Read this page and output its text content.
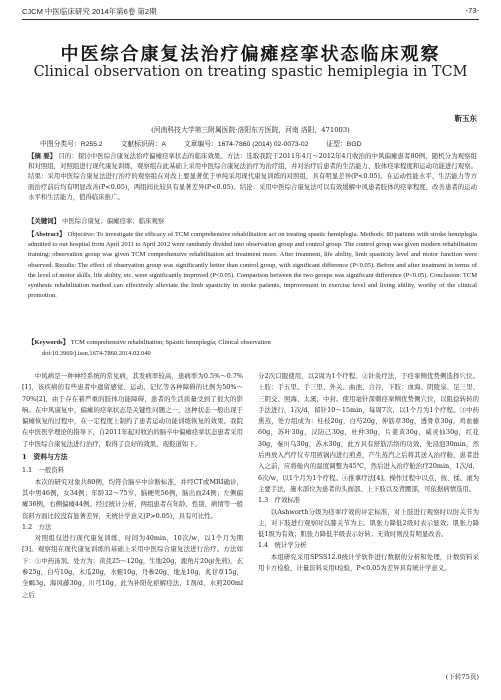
CJCM 中医临床研究 2014年第6卷 第2期	-73-
中医综合康复法治疗偏瘫痉挛状态临床观察
Clinical observation on treating spastic hemiplegia in TCM
靳玉东
(河南科技大学第三附属医院·洛阳东方医院，河南 洛阳，471003)
中图分类号：R255.2	文献标识码：A	文章编号：1674-7860 (2014) 02-0073-02	证型：BGD
【摘 要】 目的：探讨中医综合康复法治疗偏瘫痉挛状态的临床效果。方法：选取我院于2011年4月～2012年4月收治的中风偏瘫患者80例，随机分为观察组和对照组，对照组进行现代康复训练，观察组在此基础上采用中医综合康复法治疗为治疗组，并对治疗后患者的生活能力、肢体痉挛程度和运动功能进行观察。结果：采用中医综合康复法进行治疗的观察组在对改上要显著优于单纯采用现代康复训练的对照组，具有明显差异(P<0.05)。在运动性能水平、生活能力等方面治疗前后均有明显改善(P<0.05)，两组间比较具有显著差异(P<0.05)。结论：采用中医综合康复法可以有效缓解中风患者肢体的痉挛程度，改善患者的运动水平和生活能力，值得临床推广。
【关键词】 中医综合康复；偏瘫痉挛；临床观察
【Abstract】 Objective: To investigate the efficacy of TCM comprehensive rehabilitation act on treating spastic hemiplegia. Methods: 80 patients with stroke hemiplegia admitted to our hospital from April 2011 to April 2012 were randomly divided into observation group and control group. The control group was given modern rehabilitation training; observation group was given TCM comprehensive rehabilitation act treatment more. After treatment, life ability, limb spasticity level and motor function were observed. Results: The effect of observation group was significantly better than control group, with significant difference (P<0.05). Before and after treatment in terms of the level of motor skills, life ability, etc. were significantly improved (P<0.05). Comparison between the two groups was significant difference (P<0.05). Conclusion: TCM synthesis rehabilitation method can effectively alleviate the limb spasticity in stroke patients, improvement in exercise level and living ability, worthy of the clinical promotion.
【Keywords】 TCM comprehensive rehabilitation; Spastic hemiplegia; Clinical observation
doi:10.3969/j.issn.1674-7860.2014.02.040

中风病是一种神经系统的常见病，其发病率较高，患病率为0.5%～0.7%[1]，该疾病的有些患者中遗留感觉、运动、记忆等各种障碍的比例为50%～70%[2]，由于存在着严重的肢体功能障碍，患者的生活质量受到了很大的影响。在中风康复中，偏瘫的痉挛状态是关键性问题之一，这种状态一般出现于偏瘫恢复的过程中，在一定程度上制约了患者运动功能训练恢复的效果。我院在中医医学理论的指导下，自2011年起对收治的脑卒中偏瘫痉挛状态患者采用了中医综合康复法进行治疗，取得了良好的效果。现报道如下。

1　资料与方法
1.1　一般资料

本次的研究对象共80例，均符合脑卒中诊断标准，并经CT或MRI确诊，其中男46例，女34例；年龄32～75岁，脑梗死56例，脑出血24例；左侧偏瘫36例，右侧偏瘫44例。经过统计分析，两组患者在年龄、性别、病情等一般资料方面比较没有显著差异，无统计学意义(P>0.05)，具有可比性。

1.2　方法

对照组仅进行现代康复训练，时间为40min，10次/w，以1个月为期[3]。观察组在现代康复训练的基础上采用中医综合康复法进行治疗。方法如下：①中药汤剂。处方为：黄芪25～120g，生地20g，鹿角片20g(先煎)，玄参25g，白芍10g，木瓜20g，水蛭10g，丹参20g，地龙10g，炙甘草15g，全蝎3g，海风藤30g，川芎10g，此为补阳化瘀解痉法，1剂/d，水煎200ml之后

分2次口服使用，以2周为1个疗程。②针灸疗法，于痉挛侧优势侧选择穴位。上肢：手五里、手三里、外关、曲池、合谷，下肢：血海、阴陵泉、足三里、三阴交、照海、太溪、中封。使用毫针深刺痉挛侧优势侧穴位，以阻捻转转的手法进行，1次/d，留针10～15min，每周7次，以1个月为1个疗程。③中药熏蒸，处方组成为：桂枝20g，白芍20g，伸筋草30g，透骨草30g，鸡血藤60g，苏叶30g，汉防己30g，杜仲30g，片姜黄30g，威灵仙30g，红花30g，秦川乌30g，苏木30g，此方具有舒筋活络的功效，先浸泡30min，然后再放入汽疗仪专用煎锅内进行煎煮，产生蒸汽之后将其送入治疗舱，患者进入之前，应将舱内的温度调整为45℃，然后进入治疗舱治疗20min，1次/d，6次/w，以1个月为1个疗程。④推拿疗法[4]。操作过程中以点、按、揉、滚为主要手法，施术部位为患者的头面部、上下肢以及背腰部，可依据病情选用。

1.3　疗效标准

以Ashworth分级为痉挛疗效的评定标准，对上肢进行观察时以肘关节为主，对下肢进行观察时以膝关节为主。肌张力降低2级时表示显效；肌张力降低1级为有效；肌张力降低半级表示好转；无效时则没有明显改善。

1.4　统计学分析

本组研究采用SPSS12.0统计学软件进行数据的分析和处理，计数资料采用卡方检验，计量资料采用t检验，P<0.05为差异具有统计学意义。

(下转75页)
